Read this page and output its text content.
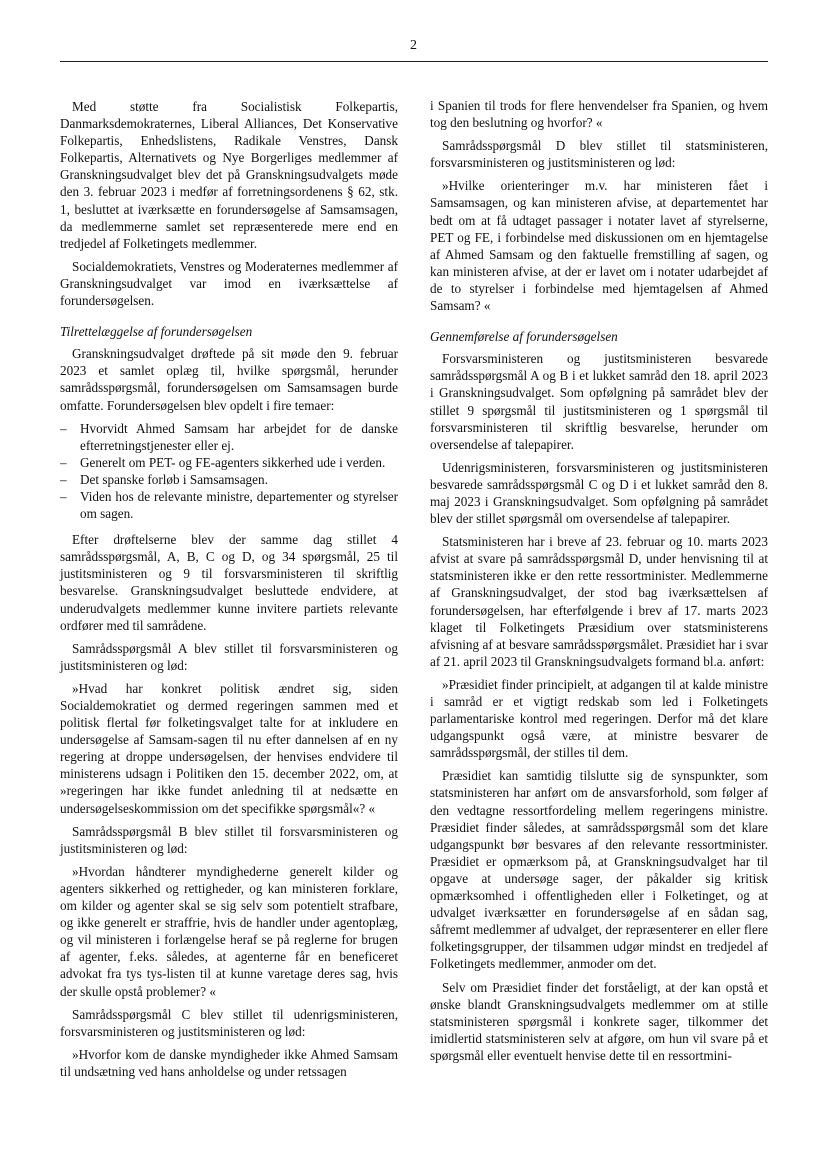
2

Med støtte fra Socialistisk Folkepartis, Danmarksdemokraternes, Liberal Alliances, Det Konservative Folkepartis, Enhedslistens, Radikale Venstres, Dansk Folkepartis, Alternativets og Nye Borgerliges medlemmer af Granskningsudvalget blev det på Granskningsudvalgets møde den 3. februar 2023 i medfør af forretningsordenens § 62, stk. 1, besluttet at iværksætte en forundersøgelse af Samsamsagen, da medlemmerne samlet set repræsenterede mere end en tredjedel af Folketingets medlemmer.

Socialdemokratiets, Venstres og Moderaternes medlemmer af Granskningsudvalget var imod en iværksættelse af forundersøgelsen.

Tilrettelæggelse af forundersøgelsen

Granskningsudvalget drøftede på sit møde den 9. februar 2023 et samlet oplæg til, hvilke spørgsmål, herunder samrådsspørgsmål, forundersøgelsen om Samsamsagen burde omfatte. Forundersøgelsen blev opdelt i fire temaer:

– Hvorvidt Ahmed Samsam har arbejdet for de danske efterretningstjenester eller ej.
– Generelt om PET- og FE-agenters sikkerhed ude i verden.
– Det spanske forløb i Samsamsagen.
– Viden hos de relevante ministre, departementer og styrelser om sagen.

Efter drøftelserne blev der samme dag stillet 4 samrådsspørgsmål, A, B, C og D, og 34 spørgsmål, 25 til justitsministeren og 9 til forsvarsministeren til skriftlig besvarelse. Granskningsudvalget besluttede endvidere, at underudvalgets medlemmer kunne invitere partiets relevante ordfører med til samrådene.

Samrådsspørgsmål A blev stillet til forsvarsministeren og justitsministeren og lød:

»Hvad har konkret politisk ændret sig, siden Socialdemokratiet og dermed regeringen sammen med et politisk flertal før folketingsvalget talte for at inkludere en undersøgelse af Samsam-sagen til nu efter dannelsen af en ny regering at droppe undersøgelsen, der henvises endvidere til ministerens udsagn i Politiken den 15. december 2022, om, at »regeringen har ikke fundet anledning til at nedsætte en undersøgelseskommission om det specifikke spørgsmål«? «

Samrådsspørgsmål B blev stillet til forsvarsministeren og justitsministeren og lød:

»Hvordan håndterer myndighederne generelt kilder og agenters sikkerhed og rettigheder, og kan ministeren forklare, om kilder og agenter skal se sig selv som potentielt strafbare, og ikke generelt er straffrie, hvis de handler under agentoplæg, og vil ministeren i forlængelse heraf se på reglerne for brugen af agenter, f.eks. således, at agenterne får en beneficeret advokat fra tys tys-listen til at kunne varetage deres sag, hvis der skulle opstå problemer? «

Samrådsspørgsmål C blev stillet til udenrigsministeren, forsvarsministeren og justitsministeren og lød:

»Hvorfor kom de danske myndigheder ikke Ahmed Samsam til undsætning ved hans anholdelse og under retssagen

i Spanien til trods for flere henvendelser fra Spanien, og hvem tog den beslutning og hvorfor? «

Samrådsspørgsmål D blev stillet til statsministeren, forsvarsministeren og justitsministeren og lød:

»Hvilke orienteringer m.v. har ministeren fået i Samsamsagen, og kan ministeren afvise, at departementet har bedt om at få udtaget passager i notater lavet af styrelserne, PET og FE, i forbindelse med diskussionen om en hjemtagelse af Ahmed Samsam og den faktuelle fremstilling af sagen, og kan ministeren afvise, at der er lavet om i notater udarbejdet af de to styrelser i forbindelse med hjemtagelsen af Ahmed Samsam? «

Gennemførelse af forundersøgelsen

Forsvarsministeren og justitsministeren besvarede samrådsspørgsmål A og B i et lukket samråd den 18. april 2023 i Granskningsudvalget. Som opfølgning på samrådet blev der stillet 9 spørgsmål til justitsministeren og 1 spørgsmål til forsvarsministeren til skriftlig besvarelse, herunder om oversendelse af talepapirer.

Udenrigsministeren, forsvarsministeren og justitsministeren besvarede samrådsspørgsmål C og D i et lukket samråd den 8. maj 2023 i Granskningsudvalget. Som opfølgning på samrådet blev der stillet spørgsmål om oversendelse af talepapirer.

Statsministeren har i breve af 23. februar og 10. marts 2023 afvist at svare på samrådsspørgsmål D, under henvisning til at statsministeren ikke er den rette ressortminister. Medlemmerne af Granskningsudvalget, der stod bag iværksættelsen af forundersøgelsen, har efterfølgende i brev af 17. marts 2023 klaget til Folketingets Præsidium over statsministerens afvisning af at besvare samrådsspørgsmålet. Præsidiet har i svar af 21. april 2023 til Granskningsudvalgets formand bl.a. anført:

»Præsidiet finder principielt, at adgangen til at kalde ministre i samråd er et vigtigt redskab som led i Folketingets parlamentariske kontrol med regeringen. Derfor må det klare udgangspunkt også være, at ministre besvarer de samrådsspørgsmål, der stilles til dem.

Præsidiet kan samtidig tilslutte sig de synspunkter, som statsministeren har anført om de ansvarsforhold, som følger af den vedtagne ressortfordeling mellem regeringens ministre. Præsidiet finder således, at samrådsspørgsmål som det klare udgangspunkt bør besvares af den relevante ressortminister. Præsidiet er opmærksom på, at Granskningsudvalget har til opgave at undersøge sager, der påkalder sig kritisk opmærksomhed i offentligheden eller i Folketinget, og at udvalget iværksætter en forundersøgelse af en sådan sag, såfremt medlemmer af udvalget, der repræsenterer en eller flere folketingsgrupper, der tilsammen udgør mindst en tredjedel af Folketingets medlemmer, anmoder om det.

Selv om Præsidiet finder det forståeligt, at der kan opstå et ønske blandt Granskningsudvalgets medlemmer om at stille statsministeren spørgsmål i konkrete sager, tilkommer det imidlertid statsministeren selv at afgøre, om hun vil svare på et spørgsmål eller eventuelt henvise dette til en ressortmini-
